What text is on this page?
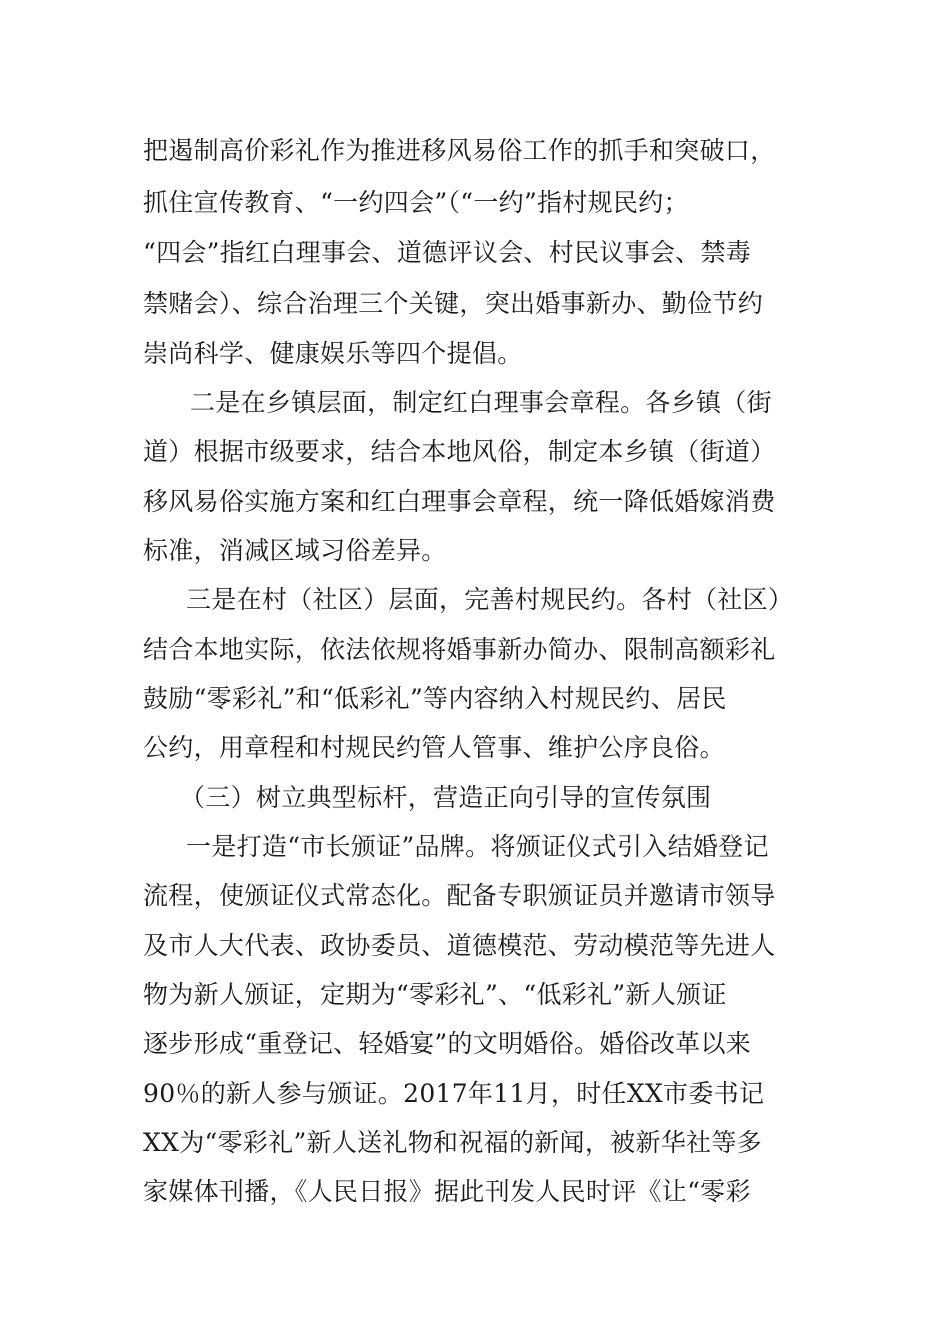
把遏制高价彩礼作为推进移风易俗工作的抓手和突破口，
抓住宣传教育、“一约四会”（“一约”指村规民约；
“四会”指红白理事会、道德评议会、村民议事会、禁毒
禁赌会）、综合治理三个关键，突出婚事新办、勤俭节约
崇尚科学、健康娱乐等四个提倡。
二是在乡镇层面，制定红白理事会章程。各乡镇（街
道）根据市级要求，结合本地风俗，制定本乡镇（街道）
移风易俗实施方案和红白理事会章程，统一降低婚嫁消费
标准，消减区域习俗差异。
三是在村（社区）层面，完善村规民约。各村（社区）
结合本地实际，依法依规将婚事新办简办、限制高额彩礼
鼓励“零彩礼”和“低彩礼”等内容纳入村规民约、居民
公约，用章程和村规民约管人管事、维护公序良俗。
（三）树立典型标杆，营造正向引导的宣传氛围
一是打造“市长颁证”品牌。将颁证仪式引入结婚登记
流程，使颁证仪式常态化。配备专职颁证员并邀请市领导
及市人大代表、政协委员、道德模范、劳动模范等先进人
物为新人颁证，定期为“零彩礼”、“低彩礼”新人颁证
逐步形成“重登记、轻婚宴”的文明婚俗。婚俗改革以来
90％的新人参与颁证。2017年11月，时任XX市委书记
XX为“零彩礼”新人送礼物和祝福的新闻，被新华社等多
家媒体刊播，《人民日报》据此刊发人民时评《让“零彩
